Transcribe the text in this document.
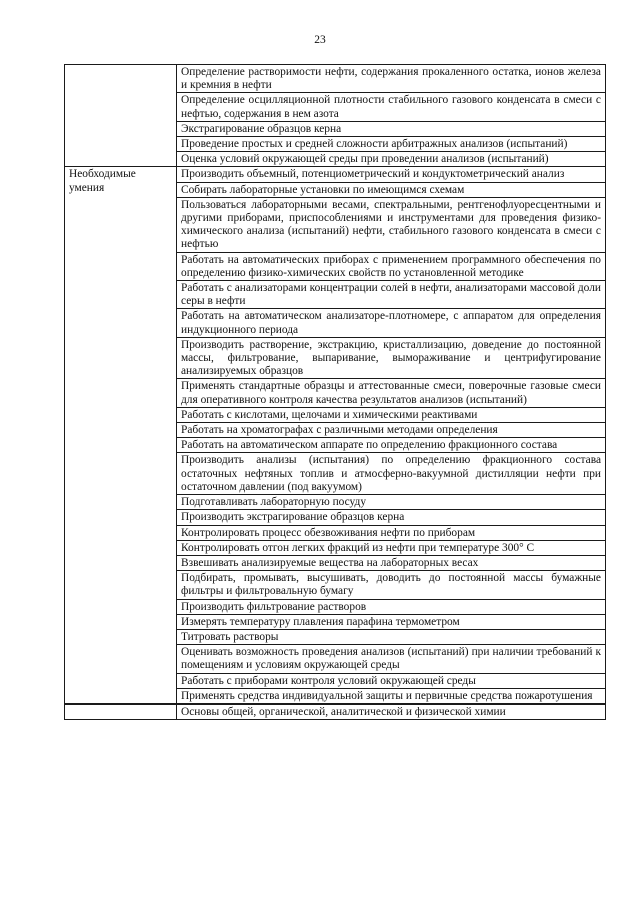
23
	Определение растворимости нефти, содержания прокаленного остатка, ионов железа и кремния в нефти
	Определение осцилляционной плотности стабильного газового конденсата в смеси с нефтью, содержания в нем азота
	Экстрагирование образцов керна
	Проведение простых и средней сложности арбитражных анализов (испытаний)
	Оценка условий окружающей среды при проведении анализов (испытаний)
Необходимые умения	Производить объемный, потенциометрический и кондуктометрический анализ
	Собирать лабораторные установки по имеющимся схемам
	Пользоваться лабораторными весами, спектральными, рентгенофлуоресцентными и другими приборами, приспособлениями и инструментами для проведения физико-химического анализа (испытаний) нефти, стабильного газового конденсата в смеси с нефтью
	Работать на автоматических приборах с применением программного обеспечения по определению физико-химических свойств по установленной методике
	Работать с анализаторами концентрации солей в нефти, анализаторами массовой доли серы в нефти
	Работать на автоматическом анализаторе-плотномере, с аппаратом для определения индукционного периода
	Производить растворение, экстракцию, кристаллизацию, доведение до постоянной массы, фильтрование, выпаривание, вымораживание и центрифугирование анализируемых образцов
	Применять стандартные образцы и аттестованные смеси, поверочные газовые смеси для оперативного контроля качества результатов анализов (испытаний)
	Работать с кислотами, щелочами и химическими реактивами
	Работать на хроматографах с различными методами определения
	Работать на автоматическом аппарате по определению фракционного состава
	Производить анализы (испытания) по определению фракционного состава остаточных нефтяных топлив и атмосферно-вакуумной дистилляции нефти при остаточном давлении (под вакуумом)
	Подготавливать лабораторную посуду
	Производить экстрагирование образцов керна
	Контролировать процесс обезвоживания нефти по приборам
	Контролировать отгон легких фракций из нефти при температуре 300° С
	Взвешивать анализируемые вещества на лабораторных весах
	Подбирать, промывать, высушивать, доводить до постоянной массы бумажные фильтры и фильтровальную бумагу
	Производить фильтрование растворов
	Измерять температуру плавления парафина термометром
	Титровать растворы
	Оценивать возможность проведения анализов (испытаний) при наличии требований к помещениям и условиям окружающей среды
	Работать с приборами контроля условий окружающей среды
	Применять средства индивидуальной защиты и первичные средства пожаротушения
	Основы общей, органической, аналитической и физической химии
